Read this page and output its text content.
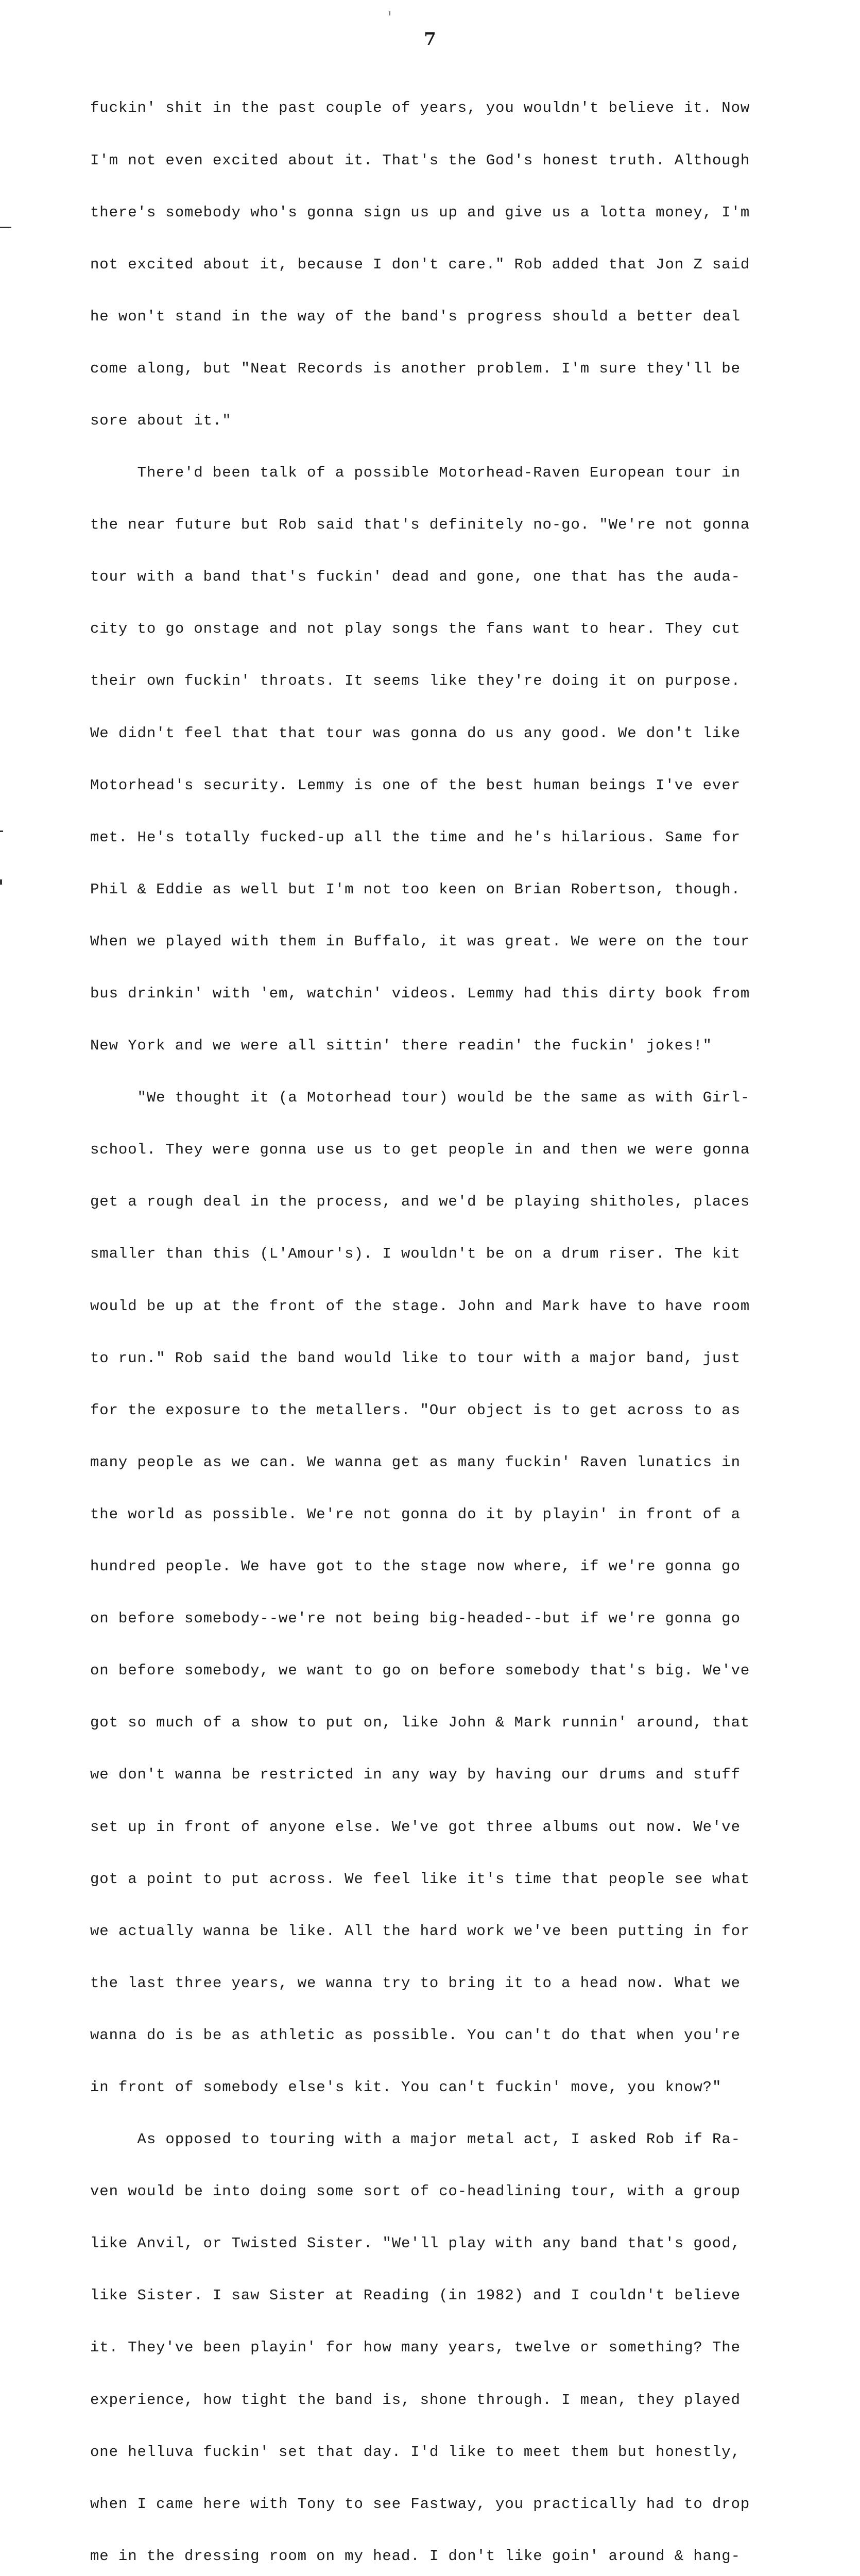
7

fuckin' shit in the past couple of years, you wouldn't believe it. Now

I'm not even excited about it. That's the God's honest truth. Although

there's somebody who's gonna sign us up and give us a lotta money, I'm

not excited about it, because I don't care." Rob added that Jon Z said

he won't stand in the way of the band's progress should a better deal

come along, but "Neat Records is another problem. I'm sure they'll be

sore about it."

There'd been talk of a possible Motorhead-Raven European tour in

the near future but Rob said that's definitely no-go. "We're not gonna

tour with a band that's fuckin' dead and gone, one that has the auda-

city to go onstage and not play songs the fans want to hear. They cut

their own fuckin' throats. It seems like they're doing it on purpose.

We didn't feel that that tour was gonna do us any good. We don't like

Motorhead's security. Lemmy is one of the best human beings I've ever

met. He's totally fucked-up all the time and he's hilarious. Same for

Phil & Eddie as well but I'm not too keen on Brian Robertson, though.

When we played with them in Buffalo, it was great. We were on the tour

bus drinkin' with 'em, watchin' videos. Lemmy had this dirty book from

New York and we were all sittin' there readin' the fuckin' jokes!"

"We thought it (a Motorhead tour) would be the same as with Girl-

school. They were gonna use us to get people in and then we were gonna

get a rough deal in the process, and we'd be playing shitholes, places

smaller than this (L'Amour's). I wouldn't be on a drum riser. The kit

would be up at the front of the stage. John and Mark have to have room

to run." Rob said the band would like to tour with a major band, just

for the exposure to the metallers. "Our object is to get across to as

many people as we can. We wanna get as many fuckin' Raven lunatics in

the world as possible. We're not gonna do it by playin' in front of a

hundred people. We have got to the stage now where, if we're gonna go

on before somebody--we're not being big-headed--but if we're gonna go

on before somebody, we want to go on before somebody that's big. We've

got so much of a show to put on, like John & Mark runnin' around, that

we don't wanna be restricted in any way by having our drums and stuff

set up in front of anyone else. We've got three albums out now. We've

got a point to put across. We feel like it's time that people see what

we actually wanna be like. All the hard work we've been putting in for

the last three years, we wanna try to bring it to a head now. What we

wanna do is be as athletic as possible. You can't do that when you're

in front of somebody else's kit. You can't fuckin' move, you know?"

As opposed to touring with a major metal act, I asked Rob if Ra-

ven would be into doing some sort of co-headlining tour, with a group

like Anvil, or Twisted Sister. "We'll play with any band that's good,

like Sister. I saw Sister at Reading (in 1982) and I couldn't believe

it. They've been playin' for how many years, twelve or something? The

experience, how tight the band is, shone through. I mean, they played

one helluva fuckin' set that day. I'd like to meet them but honestly,

when I came here with Tony to see Fastway, you practically had to drop

me in the dressing room on my head. I don't like goin' around & hang-
